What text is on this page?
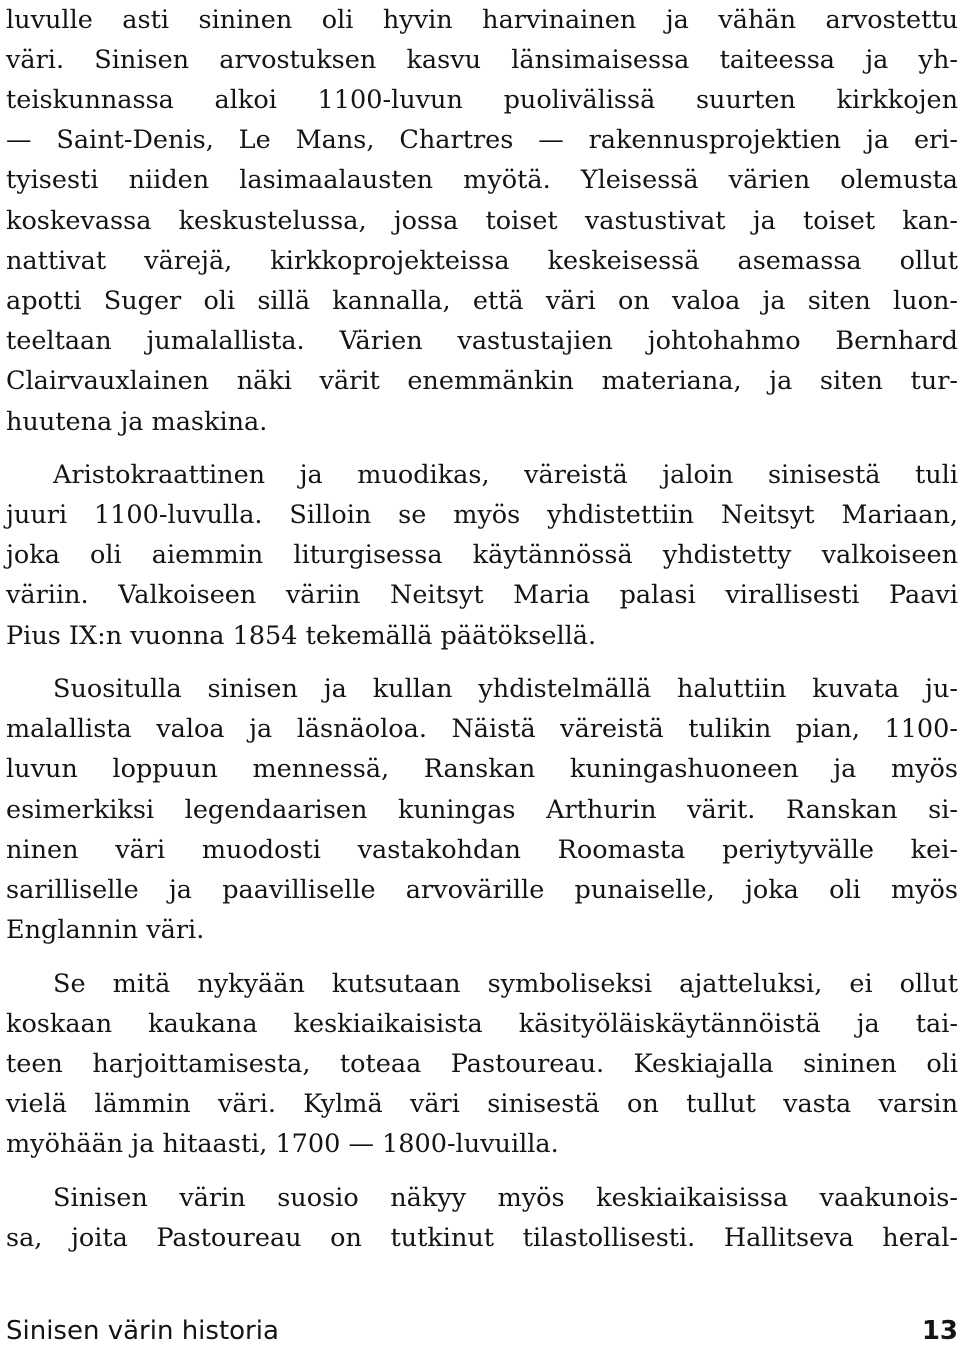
luvulle asti sininen oli hyvin harvinainen ja vähän arvostettu
väri. Sinisen arvostuksen kasvu länsimaisessa taiteessa ja yh-
teiskunnassa alkoi 1100-luvun puolivälissä suurten kirkkojen
— Saint-Denis, Le Mans, Chartres — rakennusprojektien ja eri-
tyisesti niiden lasimaalausten myötä. Yleisessä värien olemusta
koskevassa keskustelussa, jossa toiset vastustivat ja toiset kan-
nattivat värejä, kirkkoprojekteissa keskeisessä asemassa ollut
apotti Suger oli sillä kannalla, että väri on valoa ja siten luon-
teeltaan jumalallista. Värien vastustajien johtohahmo Bernhard
Clairvauxlainen näki värit enemmänkin materiana, ja siten tur-
huutena ja maskina.
Aristokraattinen ja muodikas, väreistä jaloin sinisestä tuli
juuri 1100-luvulla. Silloin se myös yhdistettiin Neitsyt Mariaan,
joka oli aiemmin liturgisessa käytännössä yhdistetty valkoiseen
väriin. Valkoiseen väriin Neitsyt Maria palasi virallisesti Paavi
Pius IX:n vuonna 1854 tekemällä päätöksellä.
Suositulla sinisen ja kullan yhdistelmällä haluttiin kuvata ju-
malallista valoa ja läsnäoloa. Näistä väreistä tulikin pian, 1100-
luvun loppuun mennessä, Ranskan kuningashuoneen ja myös
esimerkiksi legendaarisen kuningas Arthurin värit. Ranskan si-
ninen väri muodosti vastakohdan Roomasta periytyvälle kei-
sarilliselle ja paavilliselle arvovärille punaiselle, joka oli myös
Englannin väri.
Se mitä nykyään kutsutaan symboliseksi ajatteluksi, ei ollut
koskaan kaukana keskiaikaisista käsityöläiskäytännöistä ja tai-
teen harjoittamisesta, toteaa Pastoureau. Keskiajalla sininen oli
vielä lämmin väri. Kylmä väri sinisestä on tullut vasta varsin
myöhään ja hitaasti, 1700 — 1800-luvuilla.
Sinisen värin suosio näkyy myös keskiaikaisissa vaakunois-
sa, joita Pastoureau on tutkinut tilastollisesti. Hallitseva heral-
Sinisen värin historia	13
